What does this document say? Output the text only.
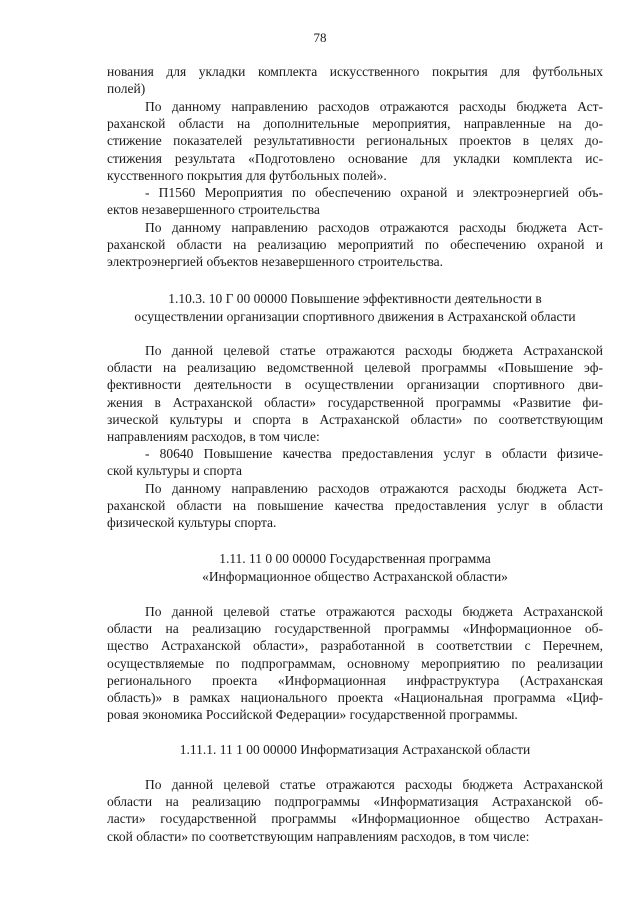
78
нования для укладки комплекта искусственного покрытия для футбольных
полей)
По данному направлению расходов отражаются расходы бюджета Аст-
раханской области на дополнительные мероприятия, направленные на до-
стижение показателей результативности региональных проектов в целях до-
стижения результата «Подготовлено основание для укладки комплекта ис-
кусственного покрытия для футбольных полей».
- П1560 Мероприятия по обеспечению охраной и электроэнергией объ-
ектов незавершенного строительства
По данному направлению расходов отражаются расходы бюджета Аст-
раханской области на реализацию мероприятий по обеспечению охраной и
электроэнергией объектов незавершенного строительства.
1.10.3. 10 Г 00 00000 Повышение эффективности деятельности в
осуществлении организации спортивного движения в Астраханской области
По данной целевой статье отражаются расходы бюджета Астраханской
области на реализацию ведомственной целевой программы «Повышение эф-
фективности деятельности в осуществлении организации спортивного дви-
жения в Астраханской области» государственной программы «Развитие фи-
зической культуры и спорта в Астраханской области» по соответствующим
направлениям расходов, в том числе:
- 80640 Повышение качества предоставления услуг в области физиче-
ской культуры и спорта
По данному направлению расходов отражаются расходы бюджета Аст-
раханской области на повышение качества предоставления услуг в области
физической культуры спорта.
1.11. 11 0 00 00000 Государственная программа
«Информационное общество Астраханской области»
По данной целевой статье отражаются расходы бюджета Астраханской
области на реализацию государственной программы «Информационное об-
щество Астраханской области», разработанной в соответствии с Перечнем,
осуществляемые по подпрограммам, основному мероприятию по реализации
регионального проекта «Информационная инфраструктура (Астраханская
область)» в рамках национального проекта «Национальная программа «Циф-
ровая экономика Российской Федерации» государственной программы.
1.11.1. 11 1 00 00000 Информатизация Астраханской области
По данной целевой статье отражаются расходы бюджета Астраханской
области на реализацию подпрограммы «Информатизация Астраханской об-
ласти» государственной программы «Информационное общество Астрахан-
ской области» по соответствующим направлениям расходов, в том числе:
